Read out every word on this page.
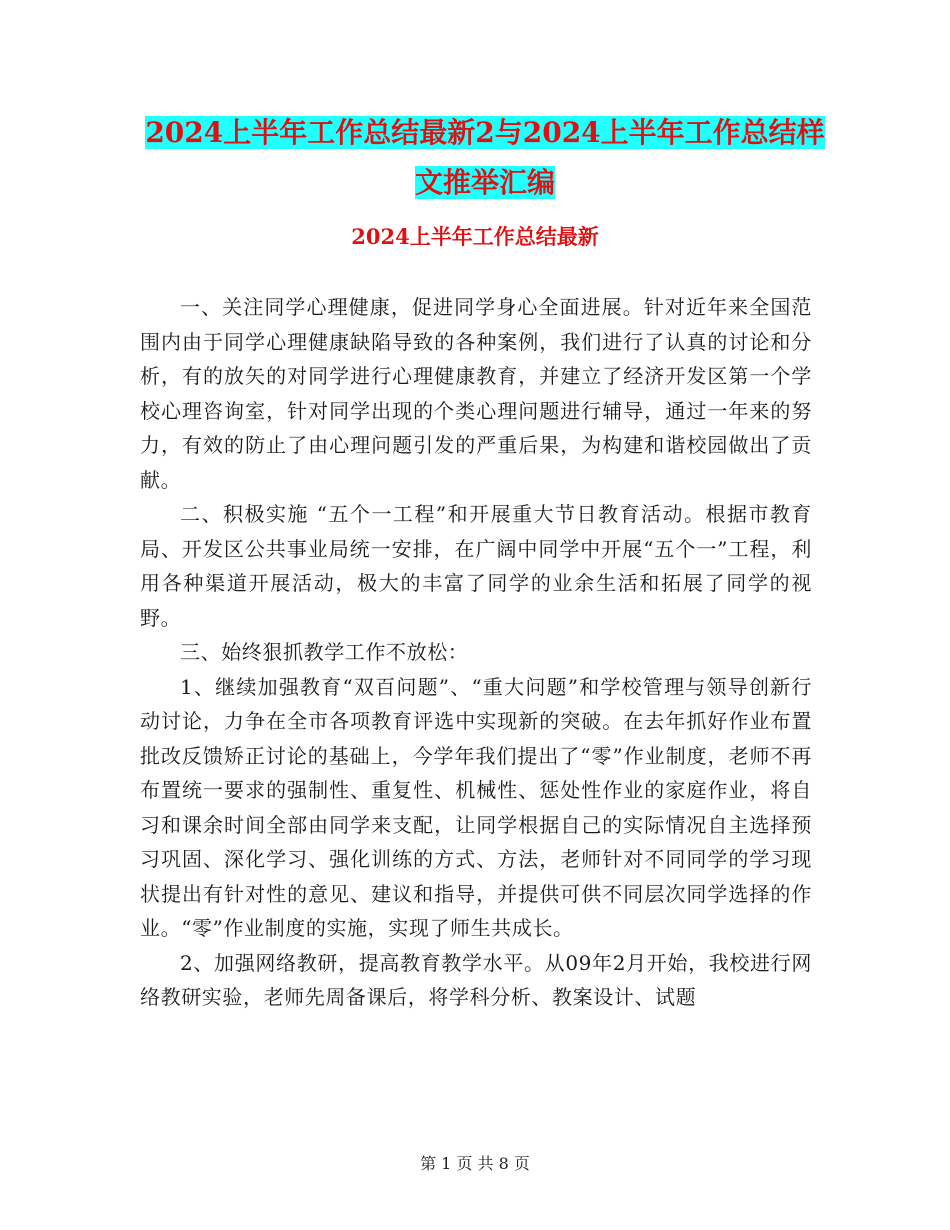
2024上半年工作总结最新2与2024上半年工作总结样文推举汇编
2024上半年工作总结最新

一、关注同学心理健康，促进同学身心全面进展。针对近年来全国范围内由于同学心理健康缺陷导致的各种案例，我们进行了认真的讨论和分析，有的放矢的对同学进行心理健康教育，并建立了经济开发区第一个学校心理咨询室，针对同学出现的个类心理问题进行辅导，通过一年来的努力，有效的防止了由心理问题引发的严重后果，为构建和谐校园做出了贡献。

二、积极实施 “五个一工程”和开展重大节日教育活动。根据市教育局、开发区公共事业局统一安排，在广阔中同学中开展“五个一”工程，利用各种渠道开展活动，极大的丰富了同学的业余生活和拓展了同学的视野。

三、始终狠抓教学工作不放松：

1、继续加强教育“双百问题”、“重大问题”和学校管理与领导创新行动讨论，力争在全市各项教育评选中实现新的突破。在去年抓好作业布置批改反馈矫正讨论的基础上，今学年我们提出了“零”作业制度，老师不再布置统一要求的强制性、重复性、机械性、惩处性作业的家庭作业，将自习和课余时间全部由同学来支配，让同学根据自己的实际情况自主选择预习巩固、深化学习、强化训练的方式、方法，老师针对不同同学的学习现状提出有针对性的意见、建议和指导，并提供可供不同层次同学选择的作业。“零”作业制度的实施，实现了师生共成长。

2、加强网络教研，提高教育教学水平。从09年2月开始，我校进行网络教研实验，老师先周备课后，将学科分析、教案设计、试题

第 1 页 共 8 页
